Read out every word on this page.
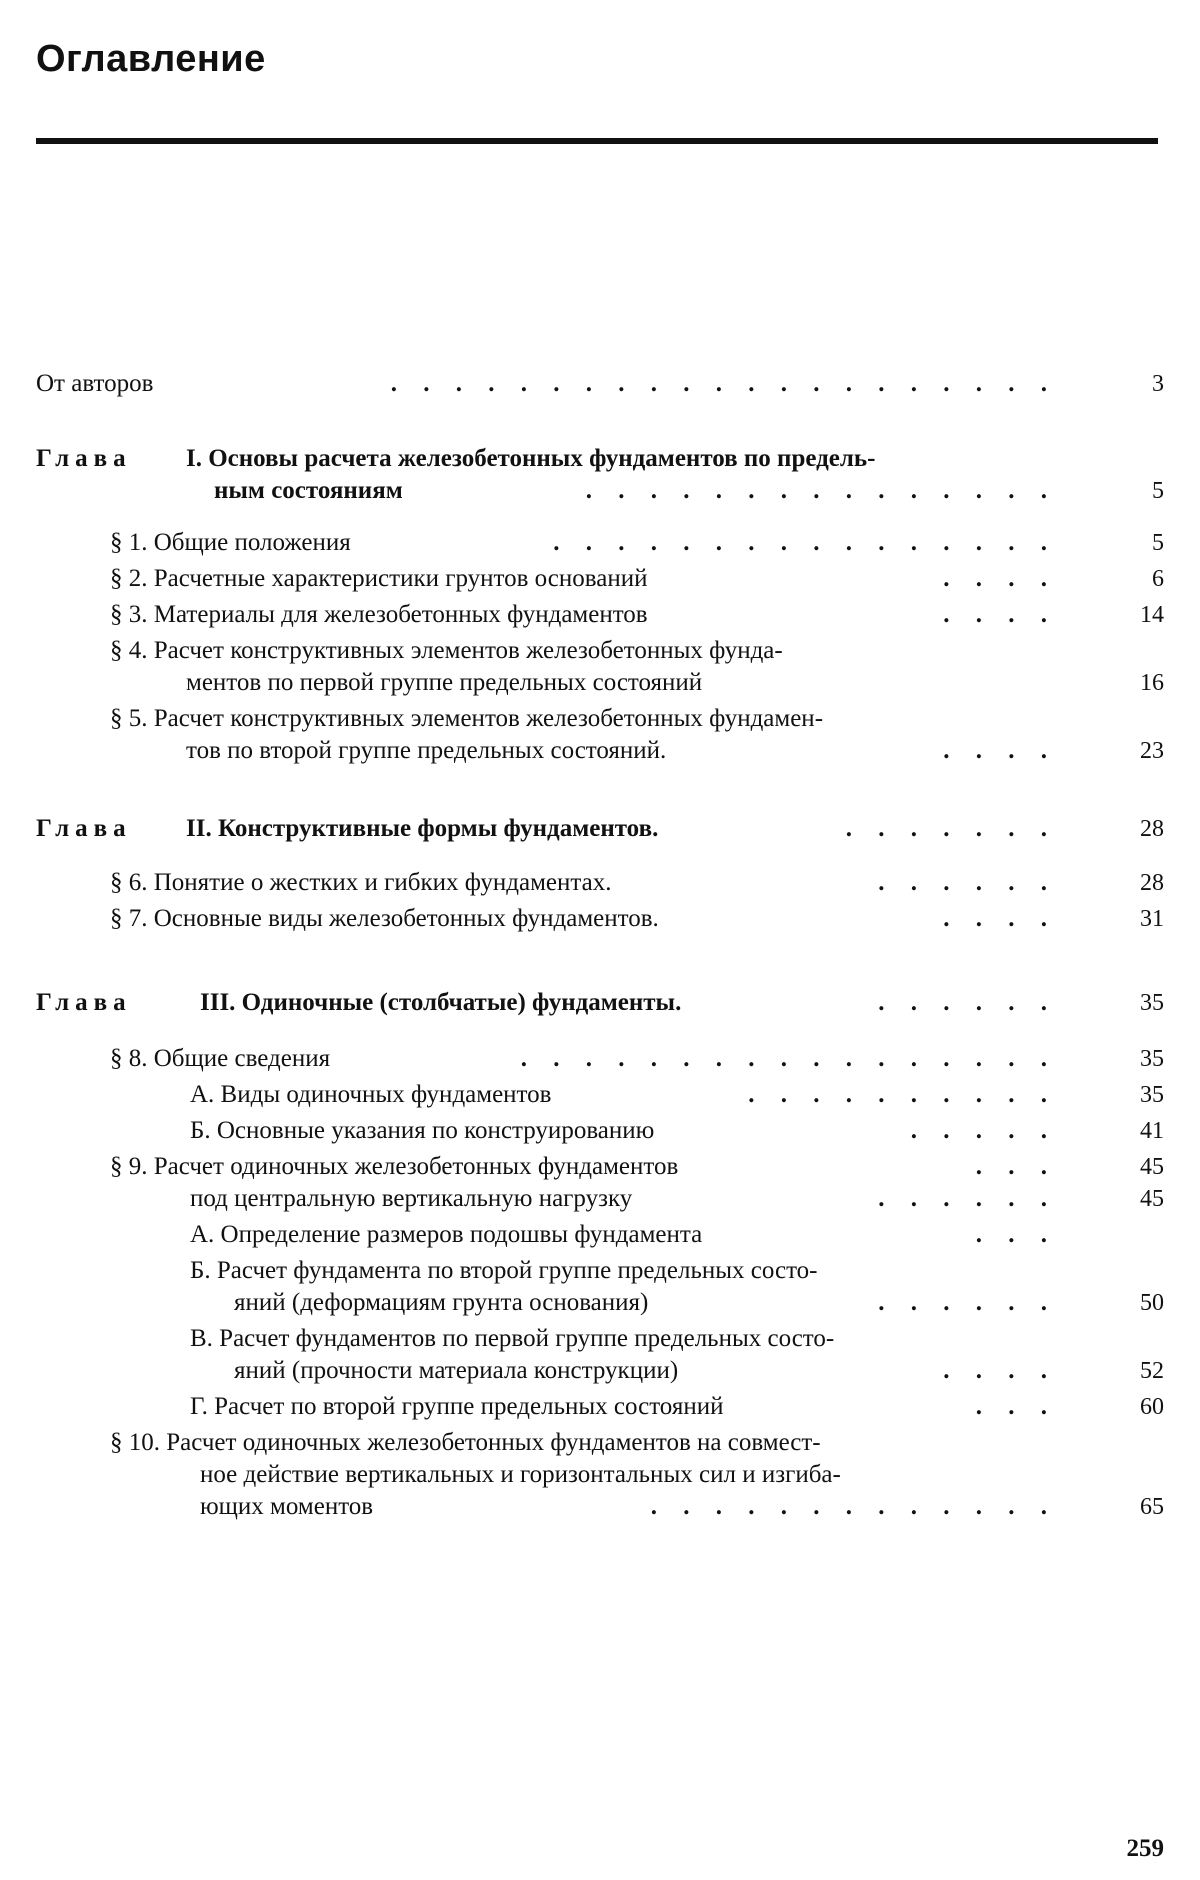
Оглавление
От авторов	. . . . . . . . . . . . . . . . . . . . .	3
Глава I. Основы расчета железобетонных фундаментов по предель-
ным состояниям	. . . . . . . . . . . . . . .	5
§ 1. Общие положения	. . . . . . . . . . . . . . . .	5
§ 2. Расчетные характеристики грунтов оснований	. . . .	6
§ 3. Материалы для железобетонных фундаментов	. . . .	14
§ 4. Расчет конструктивных элементов железобетонных фунда-
ментов по первой группе предельных состояний	16
§ 5. Расчет конструктивных элементов железобетонных фундамен-
тов по второй группе предельных состояний.	. . . .	23
Глава II. Конструктивные формы фундаментов.	. . . . . . .	28
§ 6. Понятие о жестких и гибких фундаментах.	. . . . . .	28
§ 7. Основные виды железобетонных фундаментов.	. . . .	31
Глава	III. Одиночные (столбчатые) фундаменты.	. . . . . .	35
§ 8. Общие сведения	. . . . . . . . . . . . . . . . .	35
А. Виды одиночных фундаментов	. . . . . . . . . .	35
Б. Основные указания по конструированию	. . . . .	41
§ 9. Расчет одиночных железобетонных фундаментов	. . .	45
под центральную вертикальную нагрузку	. . . . . .	45
А. Определение размеров подошвы фундамента	. . .
Б. Расчет фундамента по второй группе предельных состо-
яний (деформациям грунта основания)	. . . . . .	50
В. Расчет фундаментов по первой группе предельных состо-
яний (прочности материала конструкции)	. . . .	52
Г. Расчет по второй группе предельных состояний	. . .	60
§ 10. Расчет одиночных железобетонных фундаментов на совмест-
ное действие вертикальных и горизонтальных сил и изгиба-
ющих моментов	. . . . . . . . . . . . .	65
259
